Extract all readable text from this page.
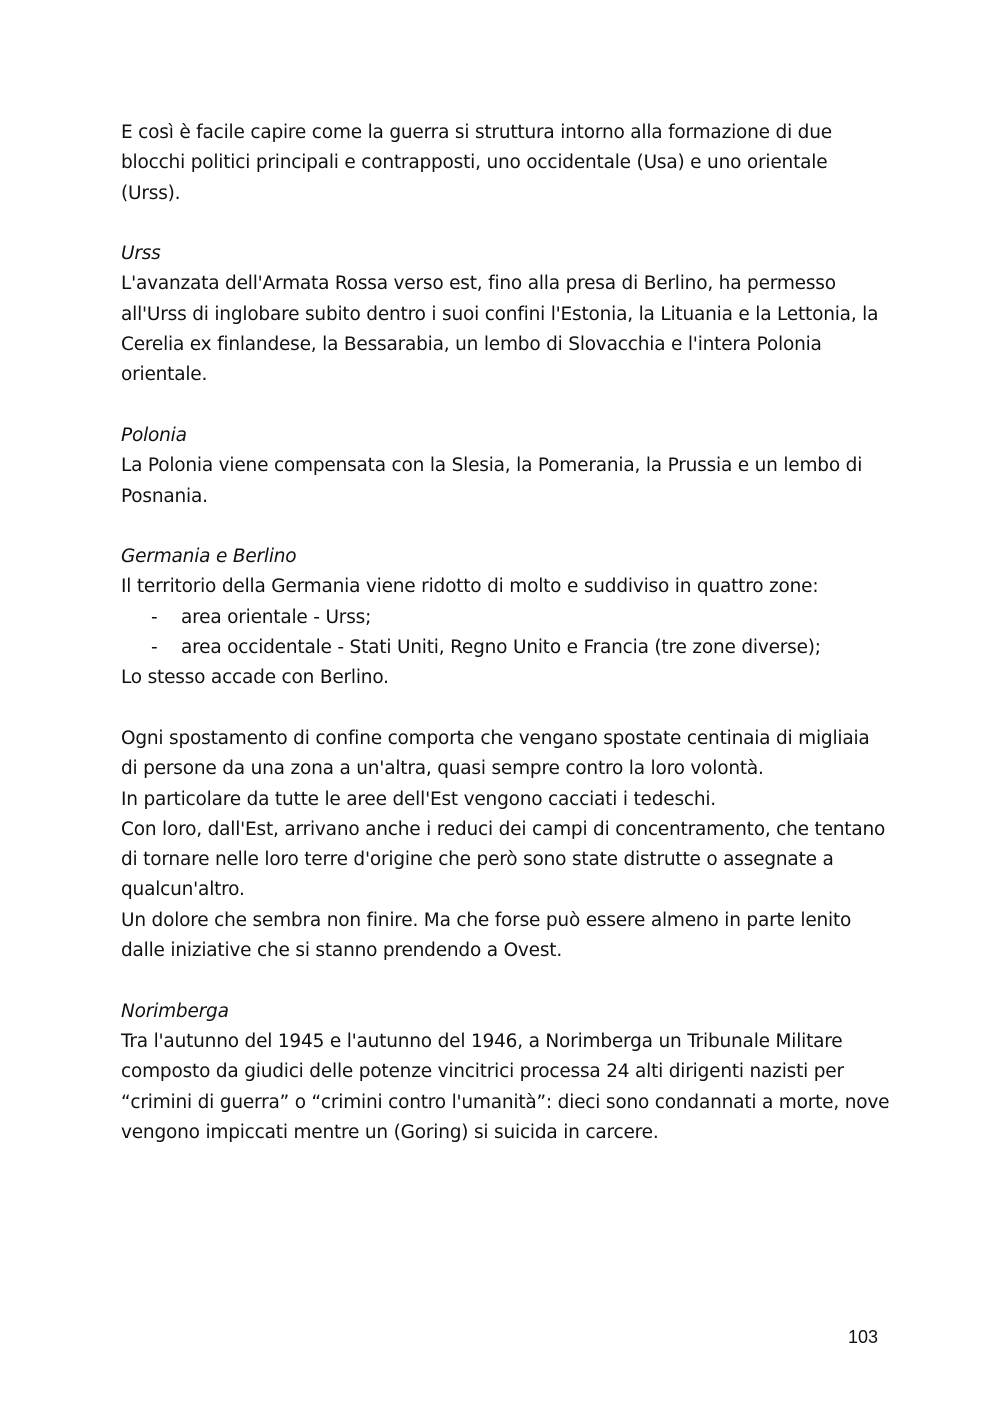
E così è facile capire come la guerra si struttura intorno alla formazione di due blocchi politici principali e contrapposti, uno occidentale (Usa) e uno orientale (Urss).

Urss

L'avanzata dell'Armata Rossa verso est, fino alla presa di Berlino, ha permesso all'Urss di inglobare subito dentro i suoi confini l'Estonia, la Lituania e la Lettonia, la Cerelia ex finlandese, la Bessarabia, un lembo di Slovacchia e l'intera Polonia orientale.

Polonia

La Polonia viene compensata con la Slesia, la Pomerania, la Prussia e un lembo di Posnania.

Germania e Berlino

Il territorio della Germania viene ridotto di molto e suddiviso in quattro zone:

- area orientale - Urss;
- area occidentale - Stati Uniti, Regno Unito e Francia (tre zone diverse);

Lo stesso accade con Berlino.

Ogni spostamento di confine comporta che vengano spostate centinaia di migliaia di persone da una zona a un'altra, quasi sempre contro la loro volontà.

In particolare da tutte le aree dell'Est vengono cacciati i tedeschi.

Con loro, dall'Est, arrivano anche i reduci dei campi di concentramento, che tentano di tornare nelle loro terre d'origine che però sono state distrutte o assegnate a qualcun'altro.

Un dolore che sembra non finire. Ma che forse può essere almeno in parte lenito dalle iniziative che si stanno prendendo a Ovest.

Norimberga

Tra l'autunno del 1945 e l'autunno del 1946, a Norimberga un Tribunale Militare composto da giudici delle potenze vincitrici processa 24 alti dirigenti nazisti per “crimini di guerra” o “crimini contro l'umanità”: dieci sono condannati a morte, nove vengono impiccati mentre un (Goring) si suicida in carcere.

103
